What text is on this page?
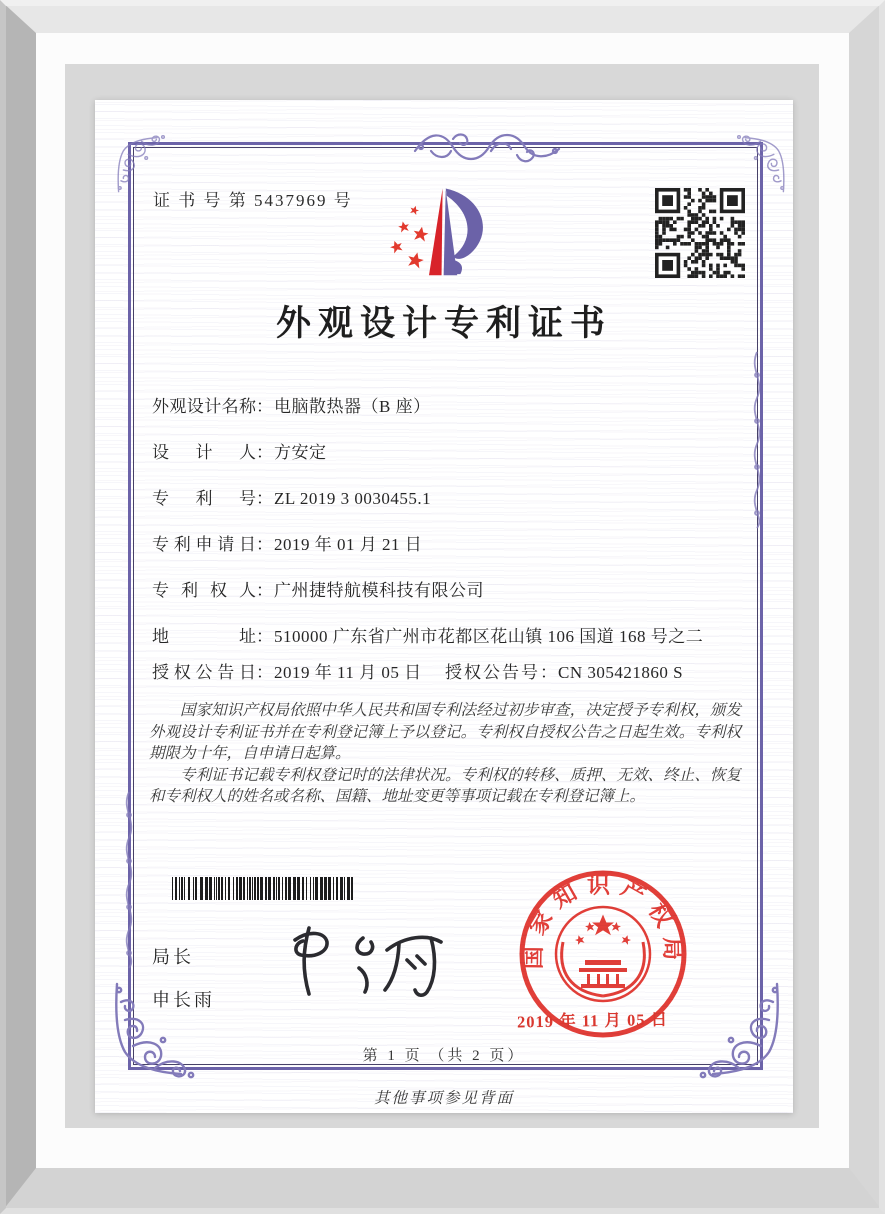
证 书 号 第 5437969 号
外观设计专利证书
外观设计名称：电脑散热器（B 座）
设计人：方安定
专利号：ZL 2019 3 0030455.1
专利申请日：2019 年 01 月 21 日
专利权人：广州捷特航模科技有限公司
地址：510000 广东省广州市花都区花山镇 106 国道 168 号之二
授权公告日：2019 年 11 月 05 日 授权公告号：CN 305421860 S

国家知识产权局依照中华人民共和国专利法经过初步审查，决定授予专利权，颁发外观设计专利证书并在专利登记簿上予以登记。专利权自授权公告之日起生效。专利权期限为十年，自申请日起算。

专利证书记载专利权登记时的法律状况。专利权的转移、质押、无效、终止、恢复和专利权人的姓名或名称、国籍、地址变更等事项记载在专利登记簿上。

局长
申长雨
国家知识产权局
2019 年 11 月 05 日
第 1 页 （共 2 页）
其他事项参见背面
